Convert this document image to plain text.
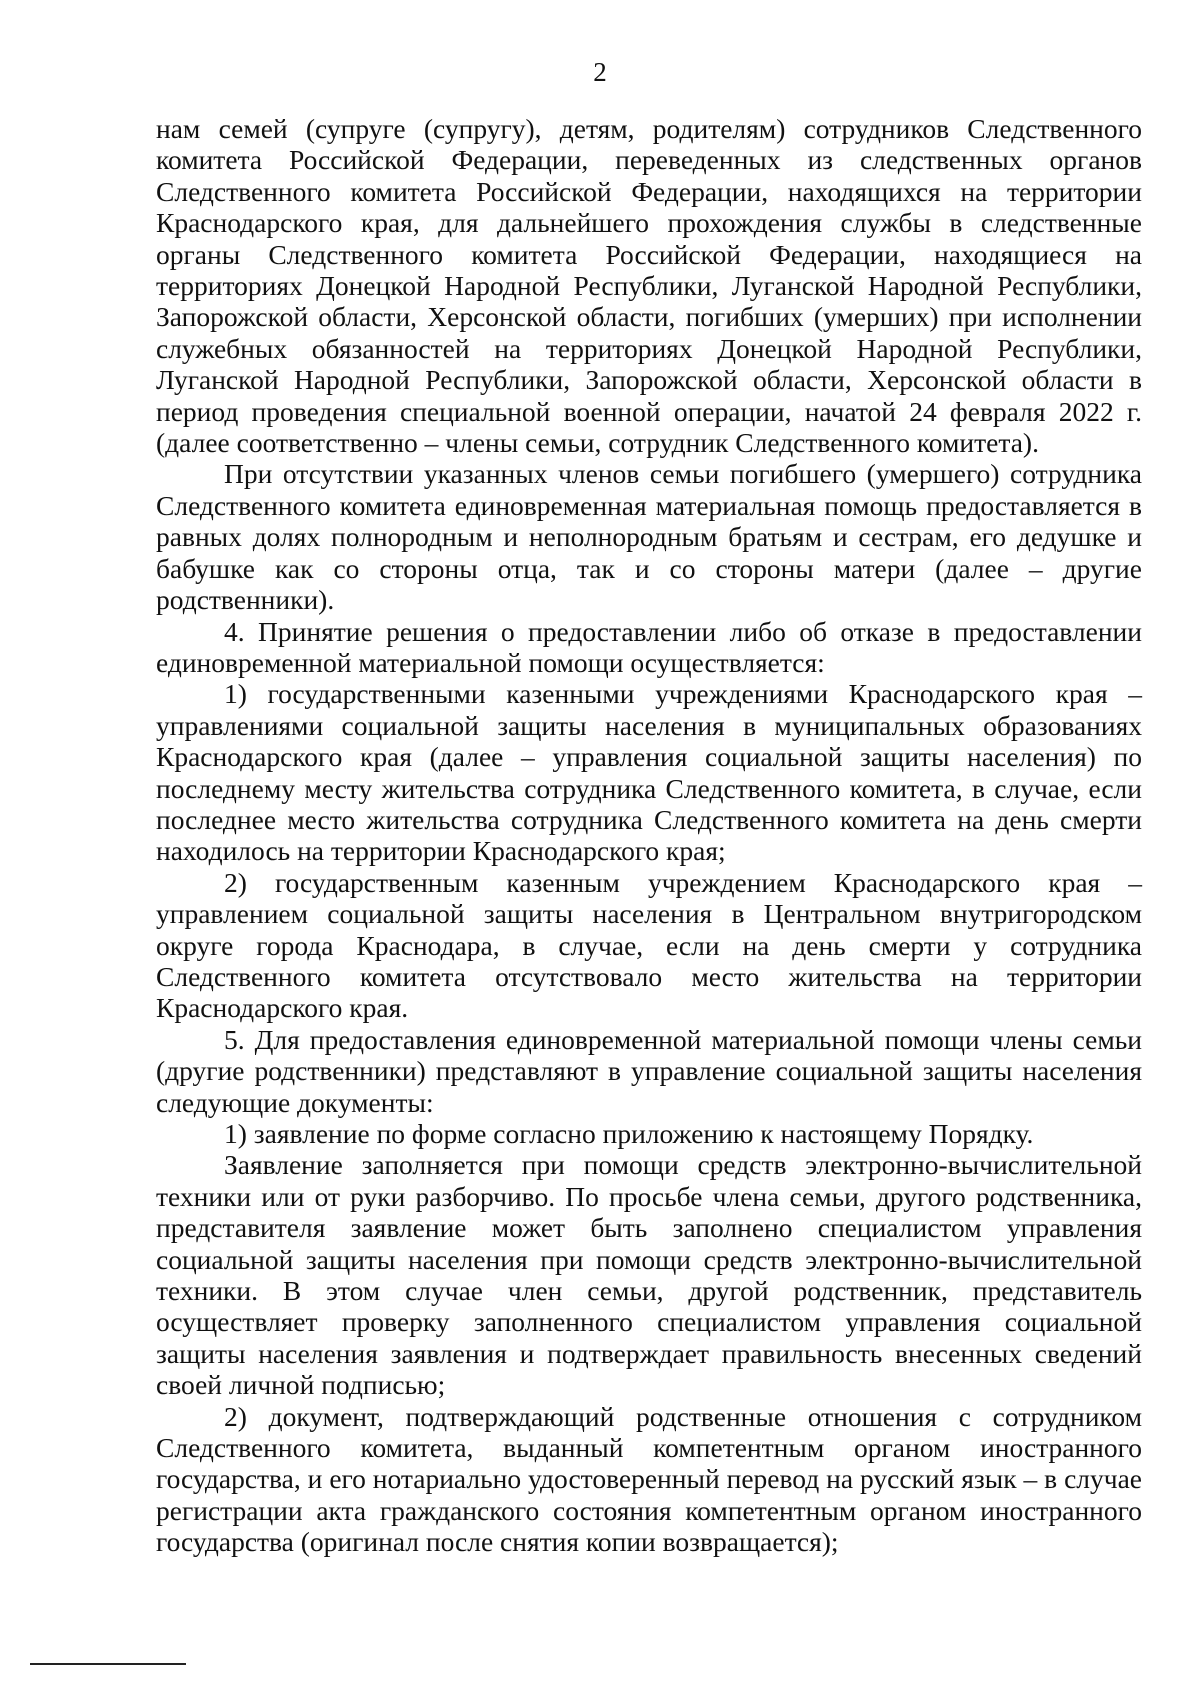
2

нам семей (супруге (супругу), детям, родителям) сотрудников Следственного комитета Российской Федерации, переведенных из следственных органов Следственного комитета Российской Федерации, находящихся на территории Краснодарского края, для дальнейшего прохождения службы в следственные органы Следственного комитета Российской Федерации, находящиеся на территориях Донецкой Народной Республики, Луганской Народной Республики, Запорожской области, Херсонской области, погибших (умерших) при исполнении служебных обязанностей на территориях Донецкой Народной Республики, Луганской Народной Республики, Запорожской области, Херсонской области в период проведения специальной военной операции, начатой 24 февраля 2022 г. (далее соответственно – члены семьи, сотрудник Следственного комитета).

При отсутствии указанных членов семьи погибшего (умершего) сотрудника Следственного комитета единовременная материальная помощь предоставляется в равных долях полнородным и неполнородным братьям и сестрам, его дедушке и бабушке как со стороны отца, так и со стороны матери (далее – другие родственники).

4. Принятие решения о предоставлении либо об отказе в предоставлении единовременной материальной помощи осуществляется:

1) государственными казенными учреждениями Краснодарского края – управлениями социальной защиты населения в муниципальных образованиях Краснодарского края (далее – управления социальной защиты населения) по последнему месту жительства сотрудника Следственного комитета, в случае, если последнее место жительства сотрудника Следственного комитета на день смерти находилось на территории Краснодарского края;

2) государственным казенным учреждением Краснодарского края – управлением социальной защиты населения в Центральном внутригородском округе города Краснодара, в случае, если на день смерти у сотрудника Следственного комитета отсутствовало место жительства на территории Краснодарского края.

5. Для предоставления единовременной материальной помощи члены семьи (другие родственники) представляют в управление социальной защиты населения следующие документы:

1) заявление по форме согласно приложению к настоящему Порядку.

Заявление заполняется при помощи средств электронно-вычислительной техники или от руки разборчиво. По просьбе члена семьи, другого родственника, представителя заявление может быть заполнено специалистом управления социальной защиты населения при помощи средств электронно-вычислительной техники. В этом случае член семьи, другой родственник, представитель осуществляет проверку заполненного специалистом управления социальной защиты населения заявления и подтверждает правильность внесенных сведений своей личной подписью;

2) документ, подтверждающий родственные отношения с сотрудником Следственного комитета, выданный компетентным органом иностранного государства, и его нотариально удостоверенный перевод на русский язык – в случае регистрации акта гражданского состояния компетентным органом иностранного государства (оригинал после снятия копии возвращается);
